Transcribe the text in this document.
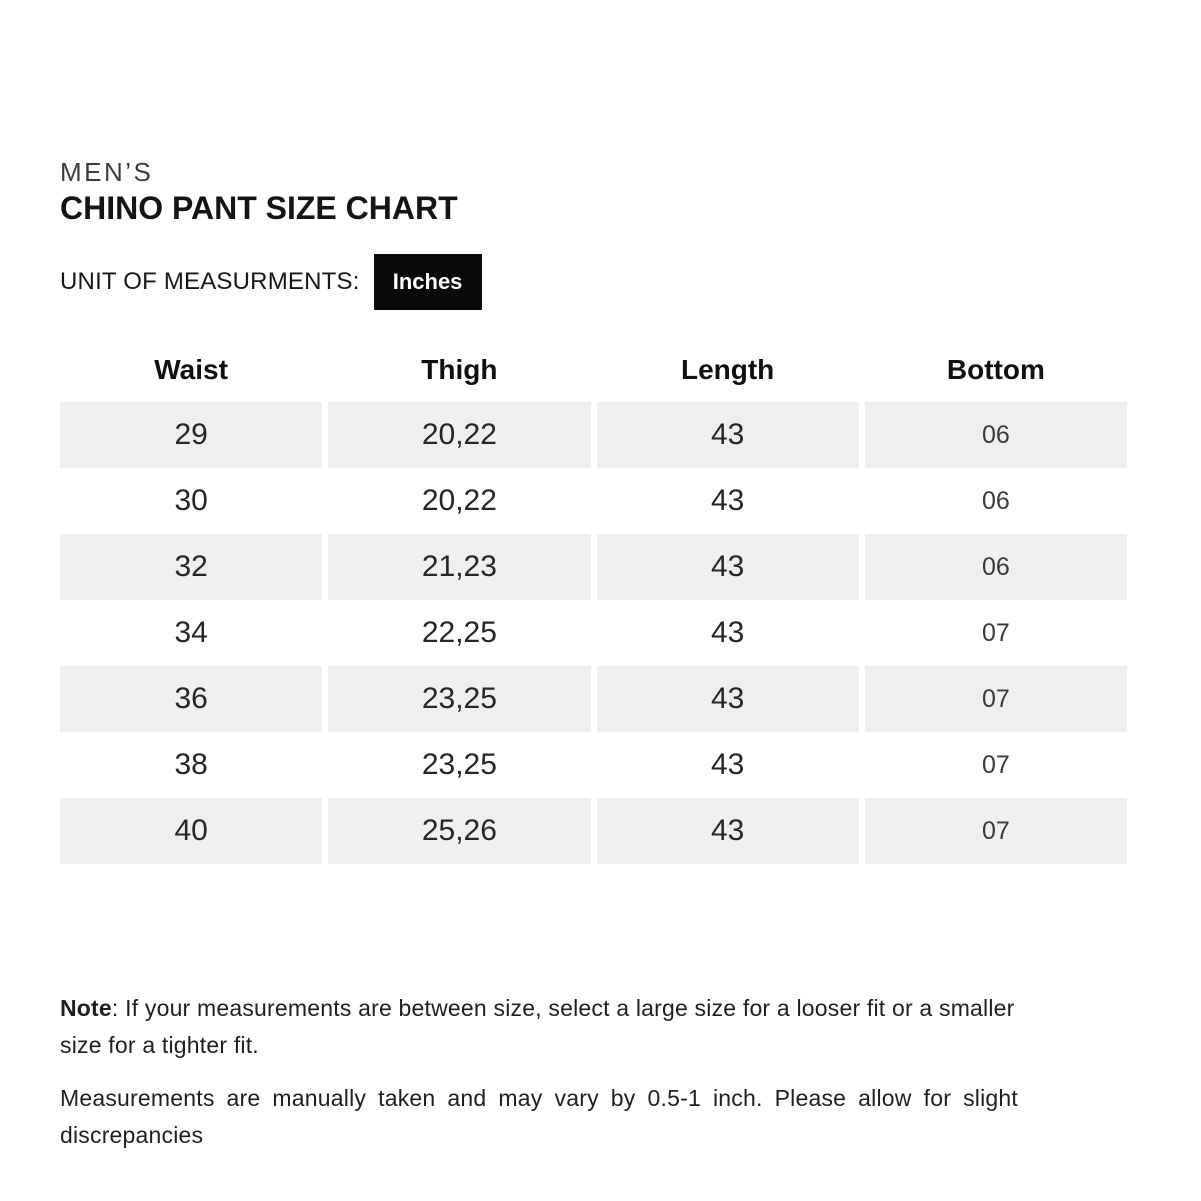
MEN’S
CHINO PANT SIZE CHART
UNIT OF MEASURMENTS:	Inches
Waist	Thigh	Length	Bottom
29	20,22	43	06
30	20,22	43	06
32	21,23	43	06
34	22,25	43	07
36	23,25	43	07
38	23,25	43	07
40	25,26	43	07

Note: If your measurements are between size, select a large size for a looser fit or a smaller size for a tighter fit.

Measurements are manually taken and may vary by 0.5-1 inch. Please allow for slight discrepancies
